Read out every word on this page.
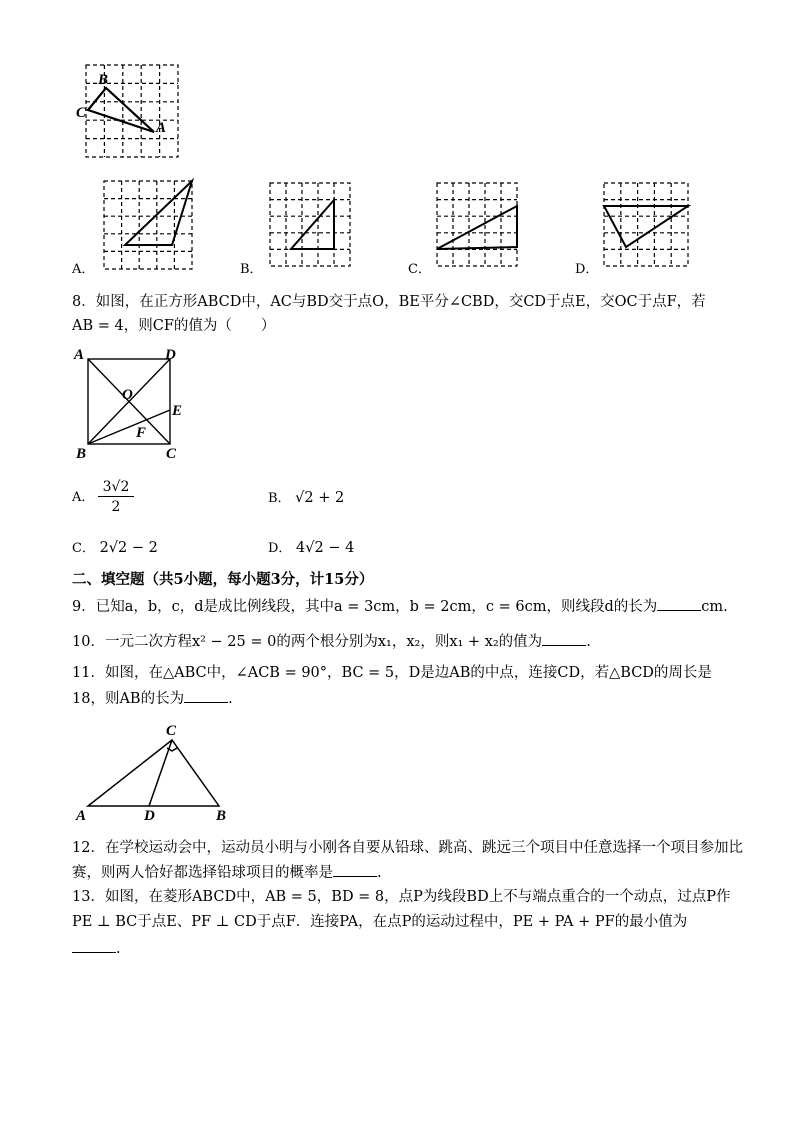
B
C
A
A．	B．	C．	D．
8．如图，在正方形ABCD中，AC与BD交于点O，BE平分∠CBD，交CD于点E，交OC于点F，若
AB = 4，则CF的值为（　　）
A	D
O
E
F
B	C
A． $\frac{3√2}{2}$	B． √2 + 2
C． 2√2 − 2	D． 4√2 − 4
二、填空题（共5小题，每小题3分，计15分）
9．已知a，b，c，d是成比例线段，其中a = 3cm，b = 2cm，c = 6cm，则线段d的长为	cm.
10．一元二次方程x² − 25 = 0的两个根分别为x₁，x₂，则x₁ + x₂的值为	.
11．如图，在△ABC中，∠ACB = 90°，BC = 5，D是边AB的中点，连接CD，若△BCD的周长是
18，则AB的长为	.
C
A	D	B
12．在学校运动会中，运动员小明与小刚各自要从铅球、跳高、跳远三个项目中任意选择一个项目参加比
赛，则两人恰好都选择铅球项目的概率是	.
13．如图，在菱形ABCD中，AB = 5，BD = 8，点P为线段BD上不与端点重合的一个动点，过点P作
PE ⊥ BC于点E、PF ⊥ CD于点F．连接PA，在点P的运动过程中，PE + PA + PF的最小值为
.
